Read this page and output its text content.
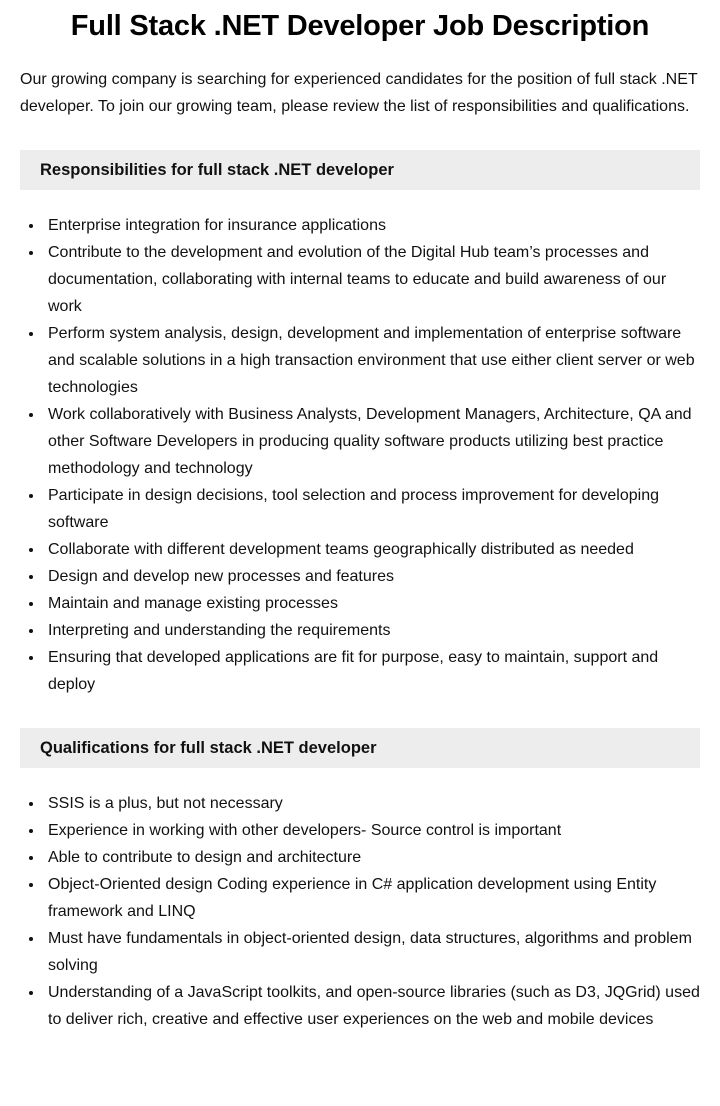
Full Stack .NET Developer Job Description

Our growing company is searching for experienced candidates for the position of full stack .NET developer. To join our growing team, please review the list of responsibilities and qualifications.

Responsibilities for full stack .NET developer
• Enterprise integration for insurance applications
• Contribute to the development and evolution of the Digital Hub team’s processes and documentation, collaborating with internal teams to educate and build awareness of our work
• Perform system analysis, design, development and implementation of enterprise software and scalable solutions in a high transaction environment that use either client server or web technologies
• Work collaboratively with Business Analysts, Development Managers, Architecture, QA and other Software Developers in producing quality software products utilizing best practice methodology and technology
• Participate in design decisions, tool selection and process improvement for developing software
• Collaborate with different development teams geographically distributed as needed
• Design and develop new processes and features
• Maintain and manage existing processes
• Interpreting and understanding the requirements
• Ensuring that developed applications are fit for purpose, easy to maintain, support and deploy
Qualifications for full stack .NET developer
• SSIS is a plus, but not necessary
• Experience in working with other developers- Source control is important
• Able to contribute to design and architecture
• Object-Oriented design Coding experience in C# application development using Entity framework and LINQ
• Must have fundamentals in object-oriented design, data structures, algorithms and problem solving
• Understanding of a JavaScript toolkits, and open-source libraries (such as D3, JQGrid) used to deliver rich, creative and effective user experiences on the web and mobile devices
